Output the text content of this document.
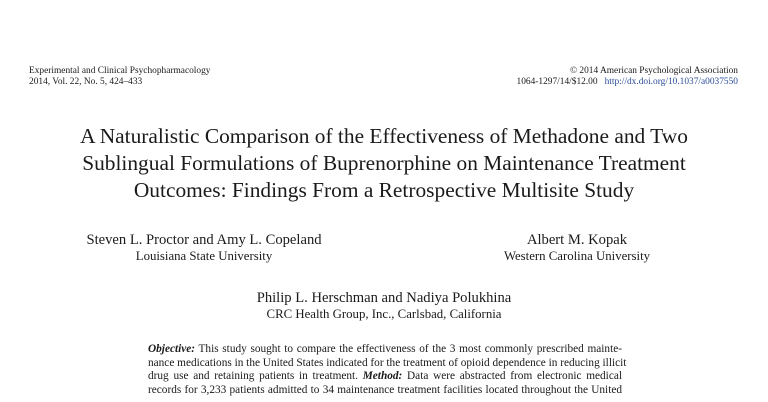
Experimental and Clinical Psychopharmacology
2014, Vol. 22, No. 5, 424–433
© 2014 American Psychological Association
1064-1297/14/$12.00 http://dx.doi.org/10.1037/a0037550
A Naturalistic Comparison of the Effectiveness of Methadone and Two
Sublingual Formulations of Buprenorphine on Maintenance Treatment
Outcomes: Findings From a Retrospective Multisite Study
Steven L. Proctor and Amy L. Copeland
Louisiana State University
Albert M. Kopak
Western Carolina University
Philip L. Herschman and Nadiya Polukhina
CRC Health Group, Inc., Carlsbad, California
Objective: This study sought to compare the effectiveness of the 3 most commonly prescribed mainte-
nance medications in the United States indicated for the treatment of opioid dependence in reducing illicit
drug use and retaining patients in treatment. Method: Data were abstracted from electronic medical
records for 3,233 patients admitted to 34 maintenance treatment facilities located throughout the United
